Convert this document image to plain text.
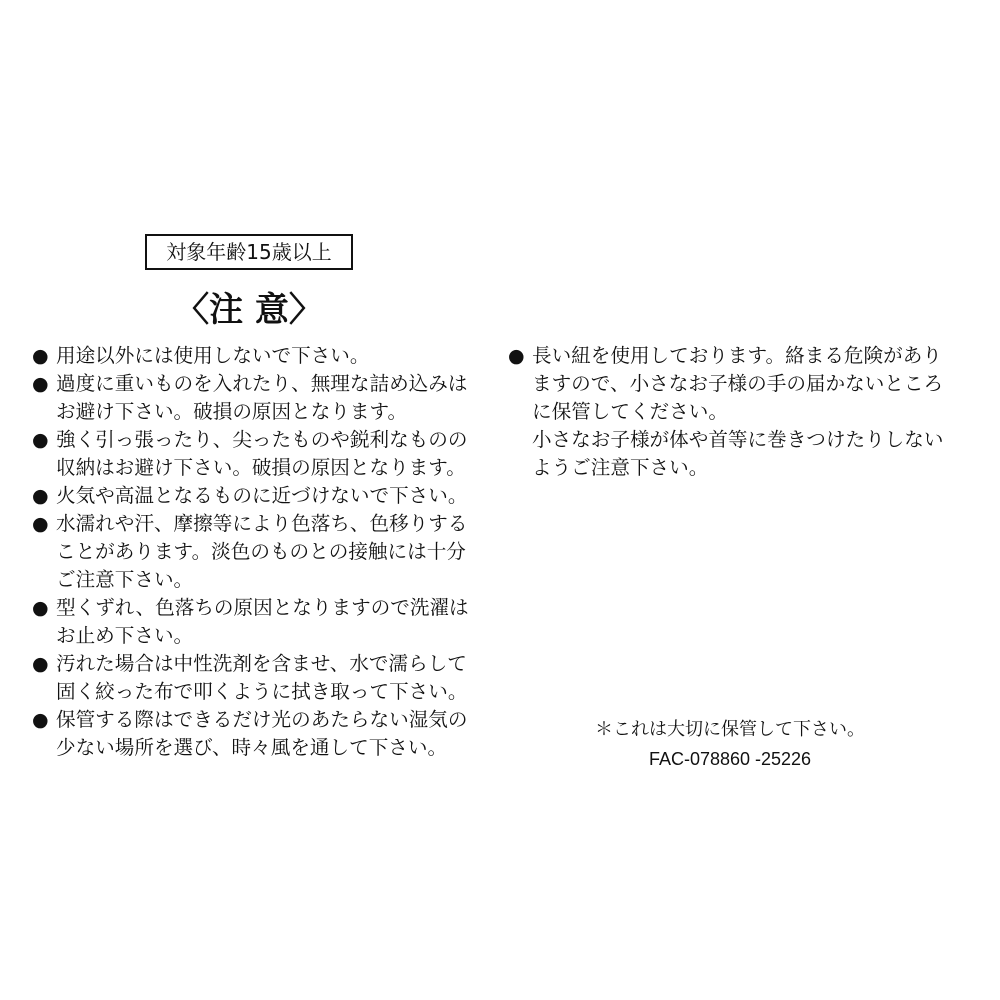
対象年齢15歳以上
〈注 意〉
● 用途以外には使用しないで下さい。
● 過度に重いものを入れたり、無理な詰め込みは
お避け下さい。破損の原因となります。
● 強く引っ張ったり、尖ったものや鋭利なものの
収納はお避け下さい。破損の原因となります。
● 火気や高温となるものに近づけないで下さい。
● 水濡れや汗、摩擦等により色落ち、色移りする
ことがあります。淡色のものとの接触には十分
ご注意下さい。
● 型くずれ、色落ちの原因となりますので洗濯は
お止め下さい。
● 汚れた場合は中性洗剤を含ませ、水で濡らして
固く絞った布で叩くように拭き取って下さい。
● 保管する際はできるだけ光のあたらない湿気の
少ない場所を選び、時々風を通して下さい。
● 長い紐を使用しております。絡まる危険があり
ますので、小さなお子様の手の届かないところ
に保管してください。
小さなお子様が体や首等に巻きつけたりしない
ようご注意下さい。
＊これは大切に保管して下さい。
FAC-078860 -25226
